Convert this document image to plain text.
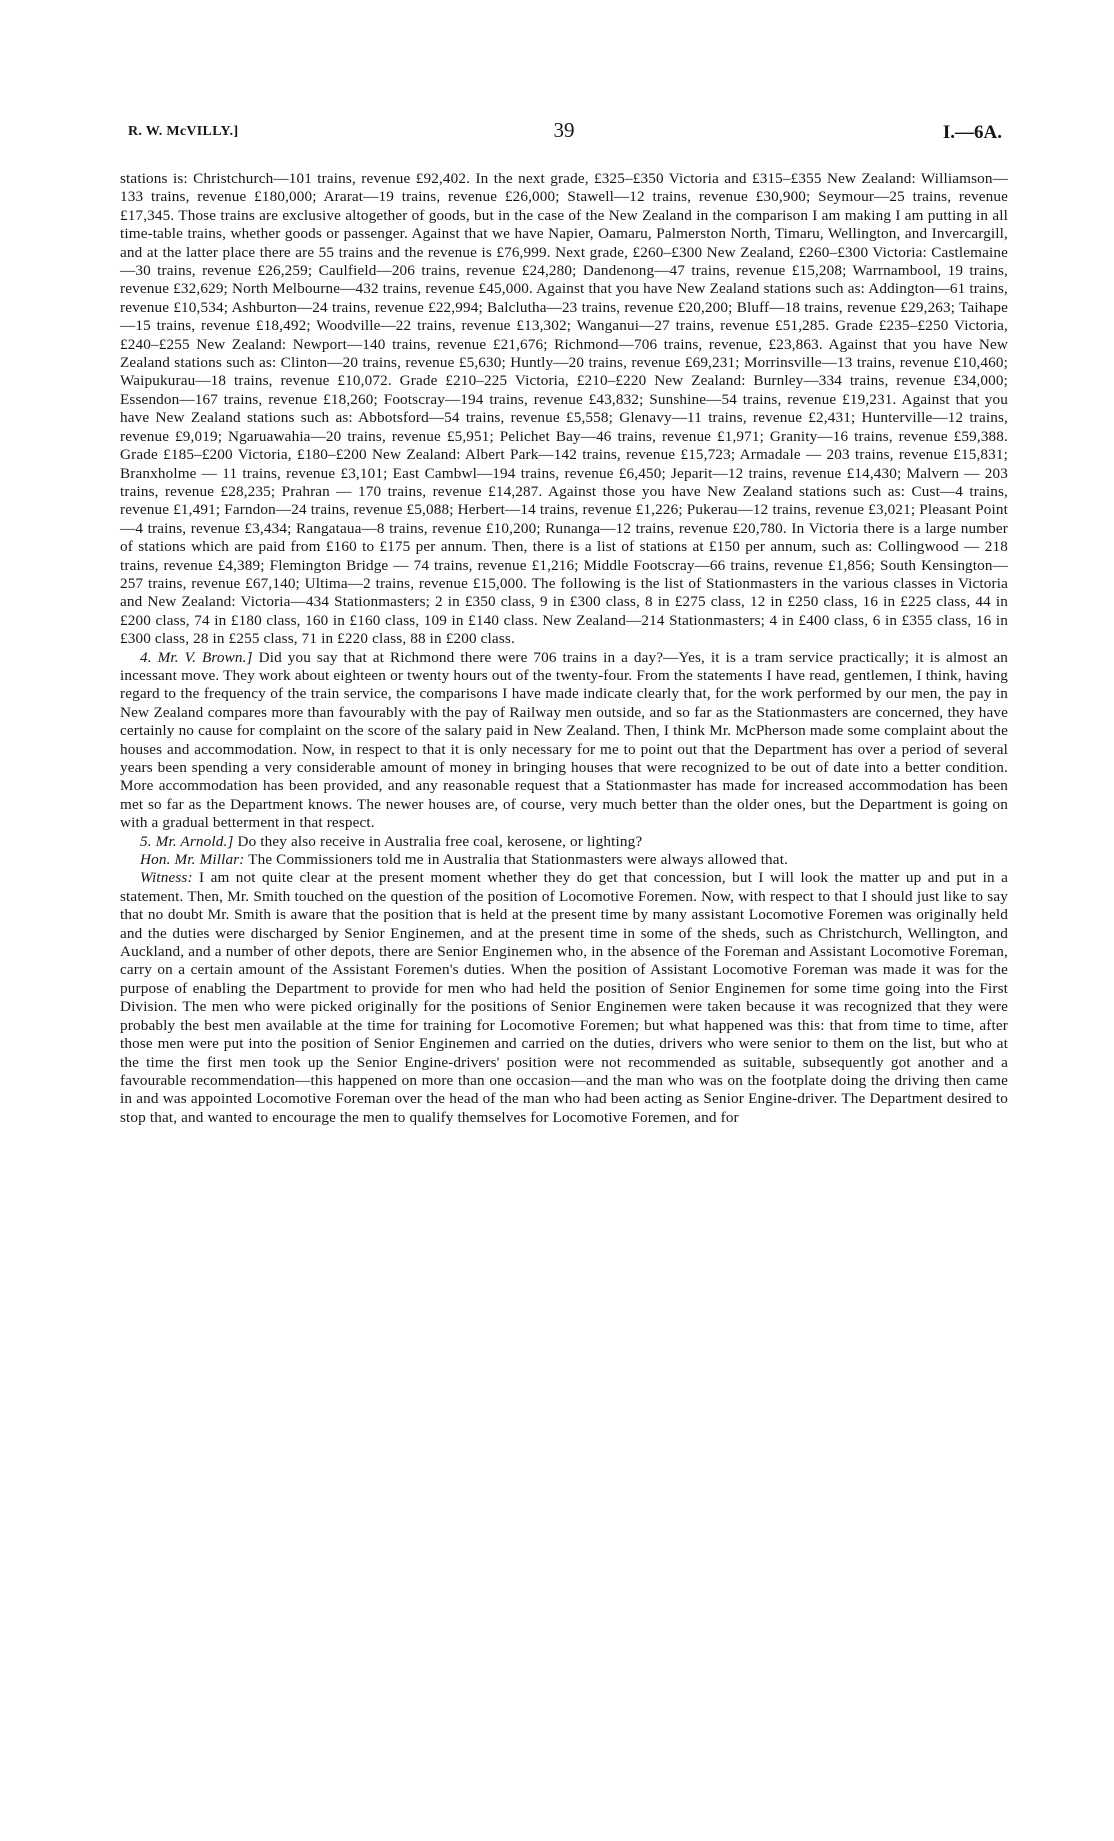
R. W. McVILLY.]	39	I.—6A.

stations is: Christchurch—101 trains, revenue £92,402. In the next grade, £325–£350 Victoria and £315–£355 New Zealand: Williamson—133 trains, revenue £180,000; Ararat—19 trains, revenue £26,000; Stawell—12 trains, revenue £30,900; Seymour—25 trains, revenue £17,345. Those trains are exclusive altogether of goods, but in the case of the New Zealand in the comparison I am making I am putting in all time-table trains, whether goods or passenger. Against that we have Napier, Oamaru, Palmerston North, Timaru, Wellington, and Invercargill, and at the latter place there are 55 trains and the revenue is £76,999. Next grade, £260–£300 New Zealand, £260–£300 Victoria: Castlemaine—30 trains, revenue £26,259; Caulfield—206 trains, revenue £24,280; Dandenong—47 trains, revenue £15,208; Warrnambool, 19 trains, revenue £32,629; North Melbourne—432 trains, revenue £45,000. Against that you have New Zealand stations such as: Addington—61 trains, revenue £10,534; Ashburton—24 trains, revenue £22,994; Balclutha—23 trains, revenue £20,200; Bluff—18 trains, revenue £29,263; Taihape—15 trains, revenue £18,492; Woodville—22 trains, revenue £13,302; Wanganui—27 trains, revenue £51,285. Grade £235–£250 Victoria, £240–£255 New Zealand: Newport—140 trains, revenue £21,676; Richmond—706 trains, revenue, £23,863. Against that you have New Zealand stations such as: Clinton—20 trains, revenue £5,630; Huntly—20 trains, revenue £69,231; Morrinsville—13 trains, revenue £10,460; Waipukurau—18 trains, revenue £10,072. Grade £210–225 Victoria, £210–£220 New Zealand: Burnley—334 trains, revenue £34,000; Essendon—167 trains, revenue £18,260; Footscray—194 trains, revenue £43,832; Sunshine—54 trains, revenue £19,231. Against that you have New Zealand stations such as: Abbotsford—54 trains, revenue £5,558; Glenavy—11 trains, revenue £2,431; Hunterville—12 trains, revenue £9,019; Ngaruawahia—20 trains, revenue £5,951; Pelichet Bay—46 trains, revenue £1,971; Granity—16 trains, revenue £59,388. Grade £185–£200 Victoria, £180–£200 New Zealand: Albert Park—142 trains, revenue £15,723; Armadale — 203 trains, revenue £15,831; Branxholme — 11 trains, revenue £3,101; East Cambwl—194 trains, revenue £6,450; Jeparit—12 trains, revenue £14,430; Malvern — 203 trains, revenue £28,235; Prahran — 170 trains, revenue £14,287. Against those you have New Zealand stations such as: Cust—4 trains, revenue £1,491; Farndon—24 trains, revenue £5,088; Herbert—14 trains, revenue £1,226; Pukerau—12 trains, revenue £3,021; Pleasant Point—4 trains, revenue £3,434; Rangataua—8 trains, revenue £10,200; Runanga—12 trains, revenue £20,780. In Victoria there is a large number of stations which are paid from £160 to £175 per annum. Then, there is a list of stations at £150 per annum, such as: Collingwood — 218 trains, revenue £4,389; Flemington Bridge — 74 trains, revenue £1,216; Middle Footscray—66 trains, revenue £1,856; South Kensington—257 trains, revenue £67,140; Ultima—2 trains, revenue £15,000. The following is the list of Stationmasters in the various classes in Victoria and New Zealand: Victoria—434 Stationmasters; 2 in £350 class, 9 in £300 class, 8 in £275 class, 12 in £250 class, 16 in £225 class, 44 in £200 class, 74 in £180 class, 160 in £160 class, 109 in £140 class. New Zealand—214 Stationmasters; 4 in £400 class, 6 in £355 class, 16 in £300 class, 28 in £255 class, 71 in £220 class, 88 in £200 class.

4. Mr. V. Brown.] Did you say that at Richmond there were 706 trains in a day?—Yes, it is a tram service practically; it is almost an incessant move. They work about eighteen or twenty hours out of the twenty-four. From the statements I have read, gentlemen, I think, having regard to the frequency of the train service, the comparisons I have made indicate clearly that, for the work performed by our men, the pay in New Zealand compares more than favourably with the pay of Railway men outside, and so far as the Stationmasters are concerned, they have certainly no cause for complaint on the score of the salary paid in New Zealand. Then, I think Mr. McPherson made some complaint about the houses and accommodation. Now, in respect to that it is only necessary for me to point out that the Department has over a period of several years been spending a very considerable amount of money in bringing houses that were recognized to be out of date into a better condition. More accommodation has been provided, and any reasonable request that a Stationmaster has made for increased accommodation has been met so far as the Department knows. The newer houses are, of course, very much better than the older ones, but the Department is going on with a gradual betterment in that respect.

5. Mr. Arnold.] Do they also receive in Australia free coal, kerosene, or lighting?

Hon. Mr. Millar: The Commissioners told me in Australia that Stationmasters were always allowed that.

Witness: I am not quite clear at the present moment whether they do get that concession, but I will look the matter up and put in a statement. Then, Mr. Smith touched on the question of the position of Locomotive Foremen. Now, with respect to that I should just like to say that no doubt Mr. Smith is aware that the position that is held at the present time by many assistant Locomotive Foremen was originally held and the duties were discharged by Senior Enginemen, and at the present time in some of the sheds, such as Christchurch, Wellington, and Auckland, and a number of other depots, there are Senior Enginemen who, in the absence of the Foreman and Assistant Locomotive Foreman, carry on a certain amount of the Assistant Foremen's duties. When the position of Assistant Locomotive Foreman was made it was for the purpose of enabling the Department to provide for men who had held the position of Senior Enginemen for some time going into the First Division. The men who were picked originally for the positions of Senior Enginemen were taken because it was recognized that they were probably the best men available at the time for training for Locomotive Foremen; but what happened was this: that from time to time, after those men were put into the position of Senior Enginemen and carried on the duties, drivers who were senior to them on the list, but who at the time the first men took up the Senior Engine-drivers' position were not recommended as suitable, subsequently got another and a favourable recommendation—this happened on more than one occasion—and the man who was on the footplate doing the driving then came in and was appointed Locomotive Foreman over the head of the man who had been acting as Senior Engine-driver. The Department desired to stop that, and wanted to encourage the men to qualify themselves for Locomotive Foremen, and for
